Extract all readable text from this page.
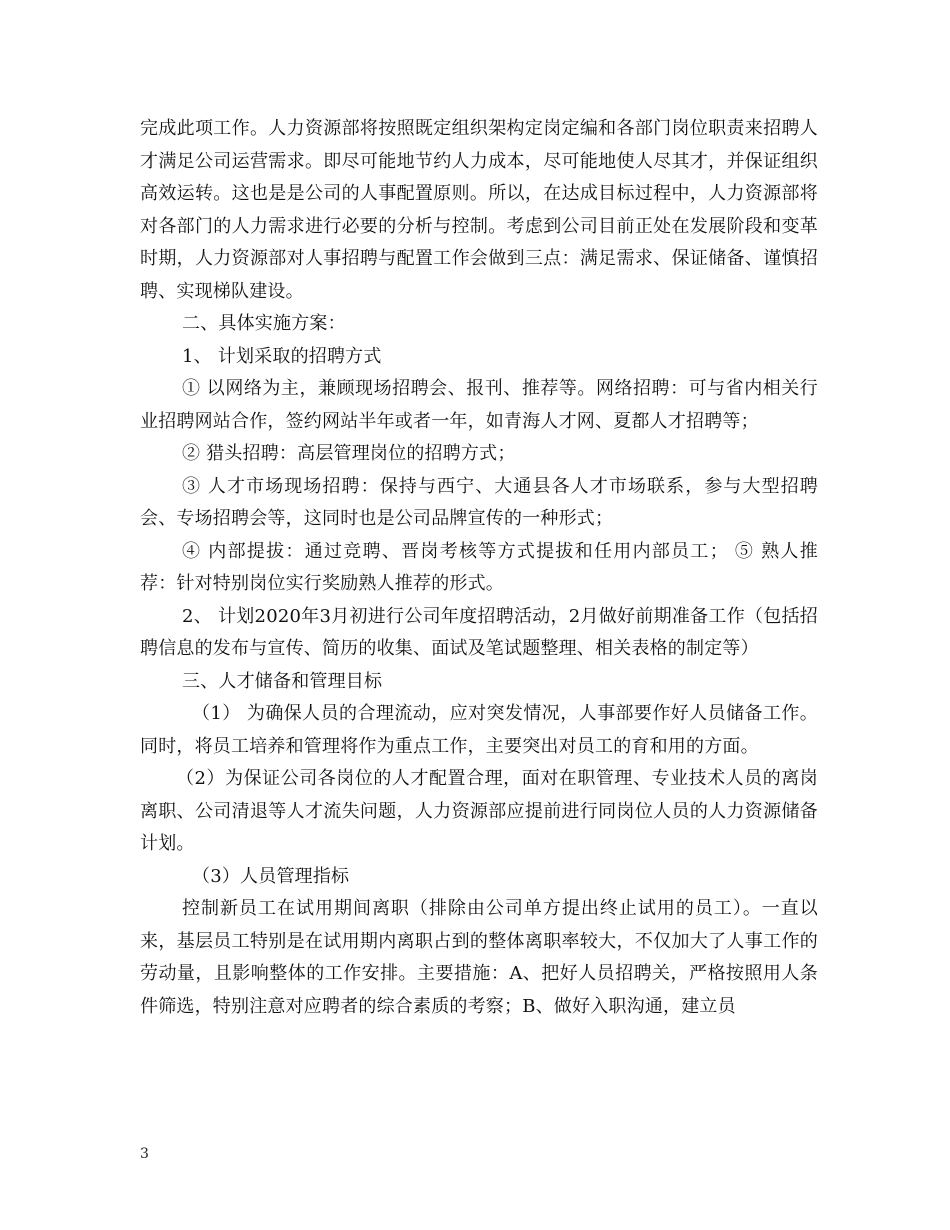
完成此项工作。人力资源部将按照既定组织架构定岗定编和各部门岗位职责来招聘人才满足公司运营需求。即尽可能地节约人力成本，尽可能地使人尽其才，并保证组织高效运转。这也是是公司的人事配置原则。所以，在达成目标过程中，人力资源部将对各部门的人力需求进行必要的分析与控制。考虑到公司目前正处在发展阶段和变革时期，人力资源部对人事招聘与配置工作会做到三点：满足需求、保证储备、谨慎招聘、实现梯队建设。

二、具体实施方案：

1、 计划采取的招聘方式

① 以网络为主，兼顾现场招聘会、报刊、推荐等。网络招聘：可与省内相关行业招聘网站合作，签约网站半年或者一年，如青海人才网、夏都人才招聘等；

② 猎头招聘：高层管理岗位的招聘方式；

③ 人才市场现场招聘：保持与西宁、大通县各人才市场联系，参与大型招聘会、专场招聘会等，这同时也是公司品牌宣传的一种形式；

④ 内部提拔：通过竞聘、晋岗考核等方式提拔和任用内部员工； ⑤ 熟人推荐：针对特别岗位实行奖励熟人推荐的形式。

2、 计划2020年3月初进行公司年度招聘活动，2月做好前期准备工作（包括招聘信息的发布与宣传、简历的收集、面试及笔试题整理、相关表格的制定等）

三、人才储备和管理目标

（1） 为确保人员的合理流动，应对突发情况，人事部要作好人员储备工作。同时，将员工培养和管理将作为重点工作，主要突出对员工的育和用的方面。

（2）为保证公司各岗位的人才配置合理，面对在职管理、专业技术人员的离岗离职、公司清退等人才流失问题，人力资源部应提前进行同岗位人员的人力资源储备计划。

（3）人员管理指标

控制新员工在试用期间离职（排除由公司单方提出终止试用的员工）。一直以来，基层员工特别是在试用期内离职占到的整体离职率较大，不仅加大了人事工作的劳动量，且影响整体的工作安排。主要措施：A、把好人员招聘关，严格按照用人条件筛选，特别注意对应聘者的综合素质的考察；B、做好入职沟通，建立员

3
